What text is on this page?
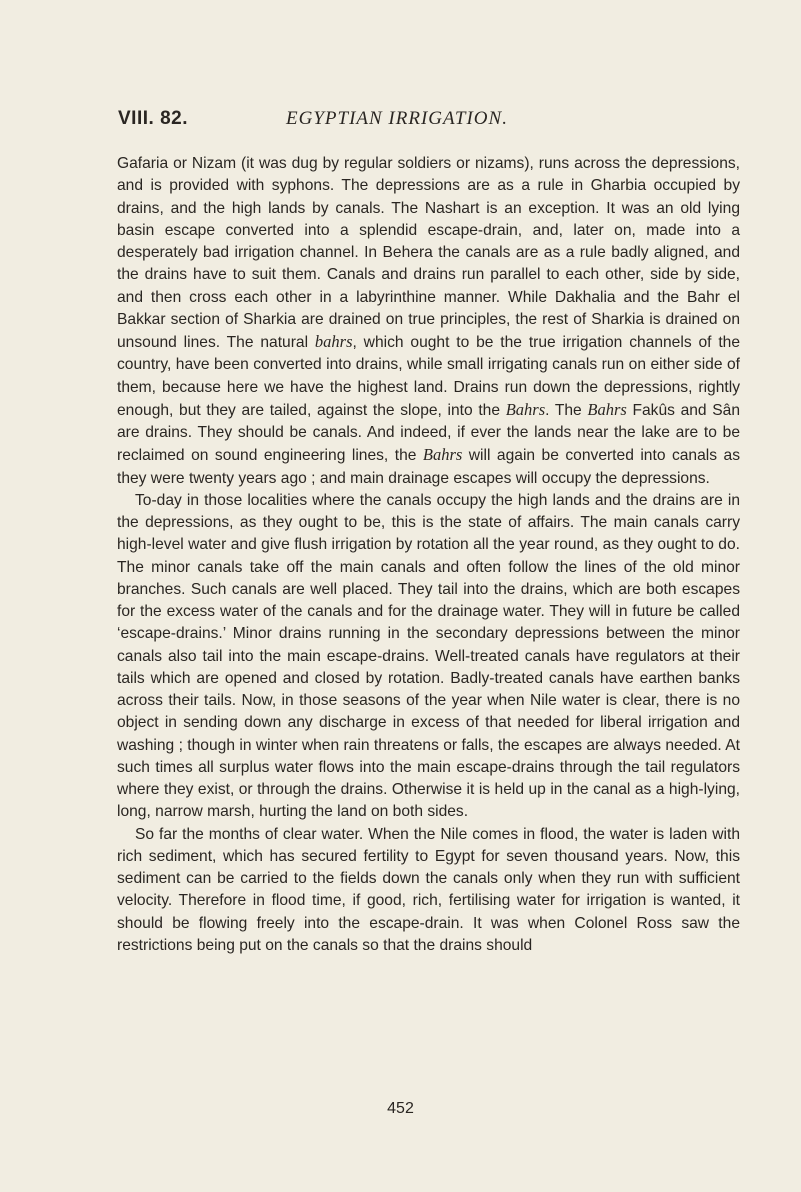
VIII. 82.	EGYPTIAN IRRIGATION.

Gafaria or Nizam (it was dug by regular soldiers or nizams), runs across the depressions, and is provided with syphons. The depressions are as a rule in Gharbia occupied by drains, and the high lands by canals. The Nashart is an exception. It was an old lying basin escape converted into a splendid escape-drain, and, later on, made into a desperately bad irrigation channel. In Behera the canals are as a rule badly aligned, and the drains have to suit them. Canals and drains run parallel to each other, side by side, and then cross each other in a labyrinthine manner. While Dakhalia and the Bahr el Bakkar section of Sharkia are drained on true principles, the rest of Sharkia is drained on unsound lines. The natural bahrs, which ought to be the true irrigation channels of the country, have been converted into drains, while small irrigating canals run on either side of them, because here we have the highest land. Drains run down the depressions, rightly enough, but they are tailed, against the slope, into the Bahrs. The Bahrs Fakûs and Sân are drains. They should be canals. And indeed, if ever the lands near the lake are to be reclaimed on sound engineering lines, the Bahrs will again be converted into canals as they were twenty years ago ; and main drainage escapes will occupy the depressions.

To-day in those localities where the canals occupy the high lands and the drains are in the depressions, as they ought to be, this is the state of affairs. The main canals carry high-level water and give flush irrigation by rotation all the year round, as they ought to do. The minor canals take off the main canals and often follow the lines of the old minor branches. Such canals are well placed. They tail into the drains, which are both escapes for the excess water of the canals and for the drainage water. They will in future be called ‘escape-drains.’ Minor drains running in the secondary depressions between the minor canals also tail into the main escape-drains. Well-treated canals have regulators at their tails which are opened and closed by rotation. Badly-treated canals have earthen banks across their tails. Now, in those seasons of the year when Nile water is clear, there is no object in sending down any discharge in excess of that needed for liberal irrigation and washing ; though in winter when rain threatens or falls, the escapes are always needed. At such times all surplus water flows into the main escape-drains through the tail regulators where they exist, or through the drains. Otherwise it is held up in the canal as a high-lying, long, narrow marsh, hurting the land on both sides.

So far the months of clear water. When the Nile comes in flood, the water is laden with rich sediment, which has secured fertility to Egypt for seven thousand years. Now, this sediment can be carried to the fields down the canals only when they run with sufficient velocity. Therefore in flood time, if good, rich, fertilising water for irrigation is wanted, it should be flowing freely into the escape-drain. It was when Colonel Ross saw the restrictions being put on the canals so that the drains should

452
